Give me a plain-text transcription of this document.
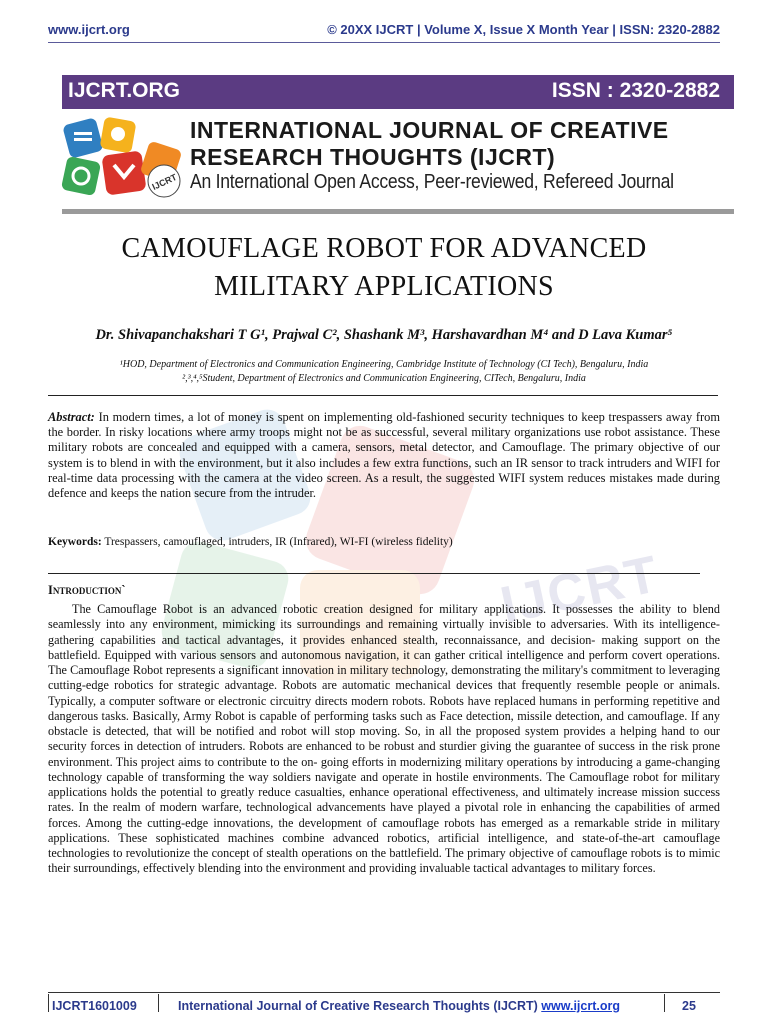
IJCRT
www.ijcrt.org	© 20XX IJCRT | Volume X, Issue X Month Year | ISSN: 2320-2882
IJCRT.ORG	ISSN : 2320-2882
IJCRT
INTERNATIONAL JOURNAL OF CREATIVE
RESEARCH THOUGHTS (IJCRT)
An International Open Access, Peer-reviewed, Refereed Journal
CAMOUFLAGE ROBOT FOR ADVANCED
MILITARY APPLICATIONS
Dr. Shivapanchakshari T G¹, Prajwal C², Shashank M³, Harshavardhan M⁴ and D Lava Kumar⁵
¹HOD, Department of Electronics and Communication Engineering, Cambridge Institute of Technology (CI Tech), Bengaluru, India
²,³,⁴,⁵Student, Department of Electronics and Communication Engineering, CITech, Bengaluru, India
Abstract: In modern times, a lot of money is spent on implementing old-fashioned security techniques to keep trespassers away from the border. In risky locations where army troops might not be as successful, several military organizations use robot assistance. These military robots are concealed and equipped with a camera, sensors, metal detector, and Camouflage. The primary objective of our system is to blend in with the environment, but it also includes a few extra functions, such an IR sensor to track intruders and WIFI for real-time data processing with the camera at the video screen. As a result, the suggested WIFI system reduces mistakes made during defence and keeps the nation secure from the intruder.
Keywords: Trespassers, camouflaged, intruders, IR (Infrared), WI-FI (wireless fidelity)
Introduction`
The Camouflage Robot is an advanced robotic creation designed for military applications. It possesses the ability to blend seamlessly into any environment, mimicking its surroundings and remaining virtually invisible to adversaries. With its intelligence-gathering capabilities and tactical advantages, it provides enhanced stealth, reconnaissance, and decision- making support on the battlefield. Equipped with various sensors and autonomous navigation, it can gather critical intelligence and perform covert operations. The Camouflage Robot represents a significant innovation in military technology, demonstrating the military's commitment to leveraging cutting-edge robotics for strategic advantage. Robots are automatic mechanical devices that frequently resemble people or animals. Typically, a computer software or electronic circuitry directs modern robots. Robots have replaced humans in performing repetitive and dangerous tasks. Basically, Army Robot is capable of performing tasks such as Face detection, missile detection, and camouflage. If any obstacle is detected, that will be notified and robot will stop moving. So, in all the proposed system provides a helping hand to our security forces in detection of intruders. Robots are enhanced to be robust and sturdier giving the guarantee of success in the risk prone environment. This project aims to contribute to the on- going efforts in modernizing military operations by introducing a game-changing technology capable of transforming the way soldiers navigate and operate in hostile environments. The Camouflage robot for military applications holds the potential to greatly reduce casualties, enhance operational effectiveness, and ultimately increase mission success rates. In the realm of modern warfare, technological advancements have played a pivotal role in enhancing the capabilities of armed forces. Among the cutting-edge innovations, the development of camouflage robots has emerged as a remarkable stride in military applications. These sophisticated machines combine advanced robotics, artificial intelligence, and state-of-the-art camouflage technologies to revolutionize the concept of stealth operations on the battlefield. The primary objective of camouflage robots is to mimic their surroundings, effectively blending into the environment and providing invaluable tactical advantages to military forces.
IJCRT1601009	International Journal of Creative Research Thoughts (IJCRT) www.ijcrt.org	25
